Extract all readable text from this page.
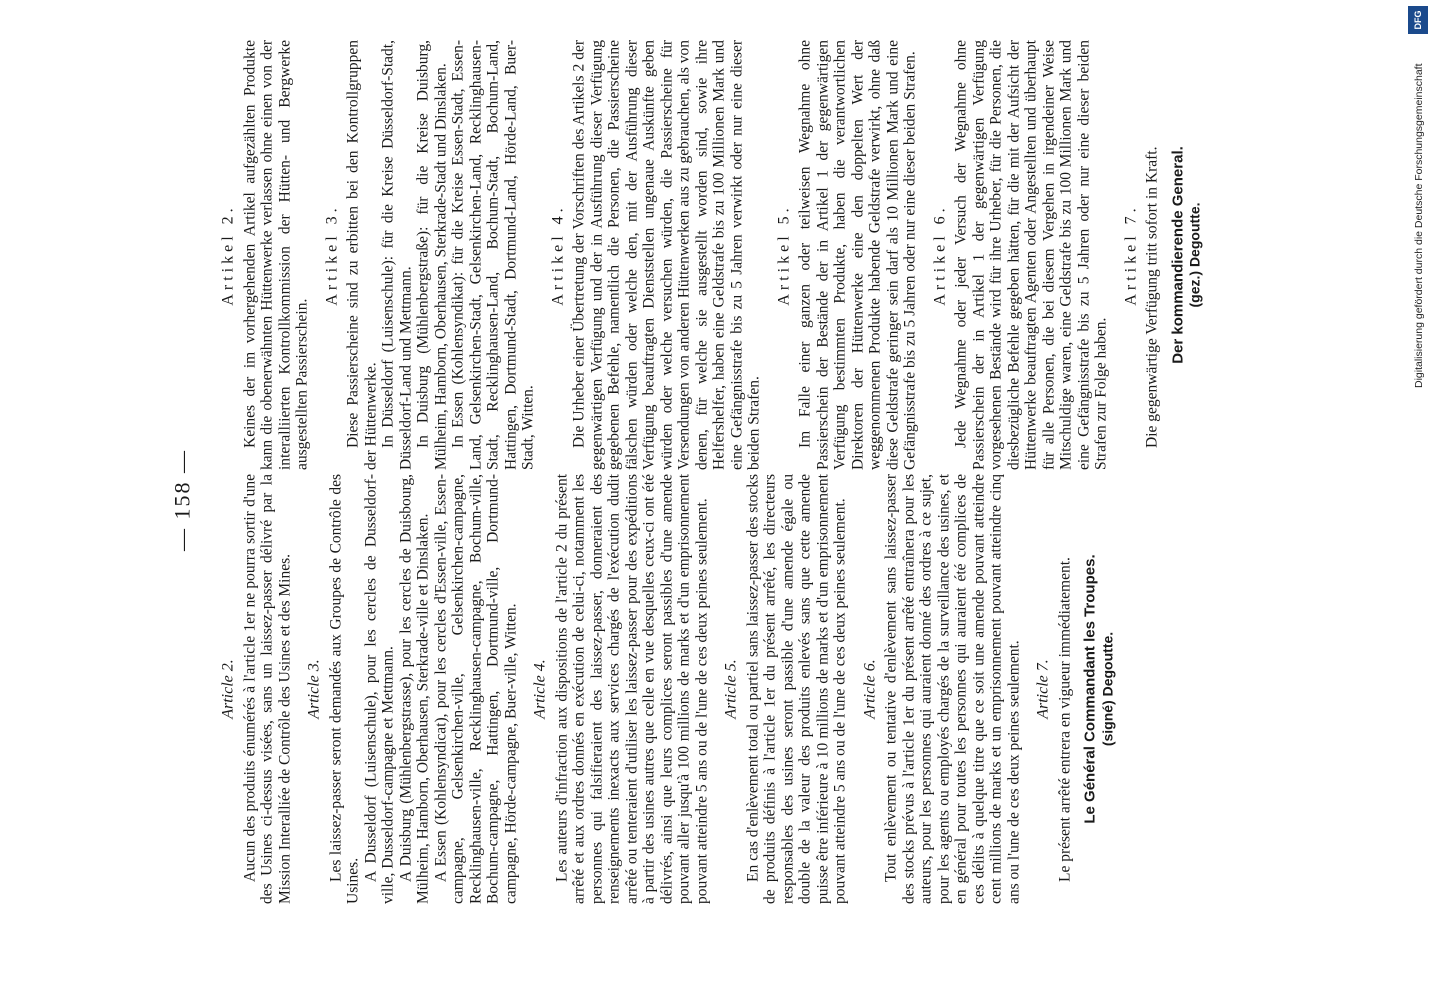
— 158 —
Article 2. Aucun des produits énumérés à l'article 1er ne pourra sortir d'une des Usines ci-dessus visées, sans un laissez-passer délivré par la Mission Interalliée de Contrôle des Usines et des Mines. Article 3. Les laissez-passer seront demandés aux Groupes de Contrôle des Usines. A Dusseldorf (Luisenschule), pour les cercles de Dusseldorf-ville, Dusseldorf-campagne et Mettmann. A Duisburg (Mühlenbergstrasse), pour les cercles de Duisbourg, Mülheim, Hamborn, Oberhausen, Sterkrade-ville et Dinslaken. A Essen (Kohlensyndicat), pour les cercles d'Essen-ville, Essen-campagne, Gelsenkirchen-ville, Gelsenkirchen-campagne, Recklinghausen-ville, Recklinghausen-campagne, Bochum-ville, Bochum-campagne, Hattingen, Dortmund-ville, Dortmund-campagne, Hörde-campagne, Buer-ville, Witten. Article 4. Les auteurs d'infraction aux dispositions de l'article 2 du présent arrêté et aux ordres donnés en exécution de celui-ci, notamment les personnes qui falsifieraient des laissez-passer, donneraient des renseignements inexacts aux services chargés de l'exécution dudit arrêté ou tenteraient d'utiliser les laissez-passer pour des expéditions à partir des usines autres que celle en vue desquelles ceux-ci ont été délivrés, ainsi que leurs complices seront passibles d'une amende pouvant aller jusqu'à 100 millions de marks et d'un emprisonnement pouvant atteindre 5 ans ou de l'une de ces deux peines seulement. Article 5. En cas d'enlèvement total ou partiel sans laissez-passer des stocks de produits définis à l'article 1er du présent arrêté, les directeurs responsables des usines seront passible d'une amende égale ou double de la valeur des produits enlevés sans que cette amende puisse être inférieure à 10 millions de marks et d'un emprisonnement pouvant atteindre 5 ans ou de l'une de ces deux peines seulement. Article 6. Tout enlèvement ou tentative d'enlèvement sans laissez-passer des stocks prévus à l'article 1er du présent arrêté entraînera pour les auteurs, pour les personnes qui auraient donné des ordres à ce sujet, pour les agents ou employés chargés de la surveillance des usines, et en général pour toutes les personnes qui auraient été complices de ces délits à quelque titre que ce soit une amende pouvant atteindre cent millions de marks et un emprisonnement pouvant atteindre cinq ans ou l'une de ces deux peines seulement. Article 7. Le présent arrêté entrera en vigueur immédiatement. Le Général Commandant les Troupes. (signé) Degoutte.
Artikel 2. Keines der im vorhergehenden Artikel aufgezählten Produkte kann die obenerwähnten Hüttenwerke verlassen ohne einen von der interalliierten Kontrollkommission der Hütten- und Bergwerke ausgestellten Passierschein.

Artikel 3. Diese Passierscheine sind zu erbitten bei den Kontrollgruppen der Hüttenwerke. In Düsseldorf (Luisenschule): für die Kreise Düsseldorf-Stadt, Düsseldorf-Land und Mettmann. In Duisburg (Mühlenbergstraße): für die Kreise Duisburg, Mülheim, Hamborn, Oberhausen, Sterkrade-Stadt und Dinslaken. In Essen (Kohlensyndikat): für die Kreise Essen-Stadt, Essen-Land, Gelsenkirchen-Stadt, Gelsenkirchen-Land, Recklinghausen-Stadt, Recklinghausen-Land, Bochum-Stadt, Bochum-Land, Hattingen, Dortmund-Stadt, Dortmund-Land, Hörde-Land, Buer-Stadt, Witten.

Artikel 4. Die Urheber einer Übertretung der Vorschriften des Artikels 2 der gegenwärtigen Verfügung und der in Ausführung dieser Verfügung gegebenen Befehle, namentlich die Personen, die Passierscheine fälschen würden oder welche den, mit der Ausführung dieser Verfügung beauftragten Dienststellen ungenaue Auskünfte geben würden oder welche versuchen würden, die Passierscheine für Versendungen von anderen Hüttenwerken aus zu gebrauchen, als von denen, für welche sie ausgestellt worden sind, sowie ihre Helfershelfer, haben eine Geldstrafe bis zu 100 Millionen Mark und eine Gefängnisstrafe bis zu 5 Jahren verwirkt oder nur eine dieser beiden Strafen.

Artikel 5. Im Falle einer ganzen oder teilweisen Wegnahme ohne Passierschein der Bestände der in Artikel 1 der gegenwärtigen Verfügung bestimmten Produkte, haben die verantwortlichen Direktoren der Hüttenwerke eine den doppelten Wert der weggenommenen Produkte habende Geldstrafe verwirkt, ohne daß diese Geldstrafe geringer sein darf als 10 Millionen Mark und eine Gefängnisstrafe bis zu 5 Jahren oder nur eine dieser beiden Strafen. Artikel 6. Jede Wegnahme oder jeder Versuch der Wegnahme ohne Passierschein der in Artikel 1 der gegenwärtigen Verfügung vorgesehenen Bestände wird für ihre Urheber, für die Personen, die diesbezügliche Befehle gegeben hätten, für die mit der Aufsicht der Hüttenwerke beauftragten Agenten oder Angestellten und überhaupt für alle Personen, die bei diesem Vergehen in irgendeiner Weise Mitschuldige waren, eine Geldstrafe bis zu 100 Millionen Mark und eine Gefängnisstrafe bis zu 5 Jahren oder nur eine dieser beiden Strafen zur Folge haben.

Artikel 7. Die gegenwärtige Verfügung tritt sofort in Kraft. Der kommandierende General. (gez.) Degoutte.
DFG
Digitalisierung gefördert durch die Deutsche Forschungsgemeinschaft
